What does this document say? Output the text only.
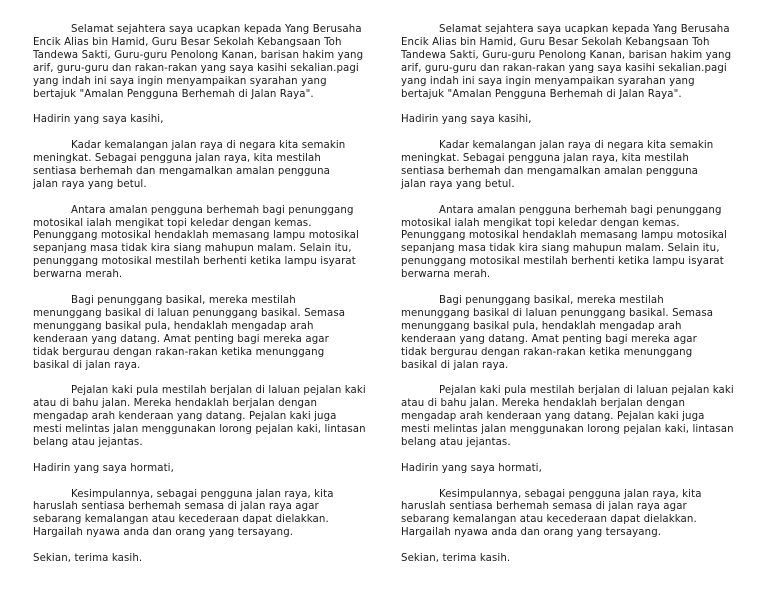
Selamat sejahtera saya ucapkan kepada Yang Berusaha
Encik Alias bin Hamid, Guru Besar Sekolah Kebangsaan Toh
Tandewa Sakti, Guru-guru Penolong Kanan, barisan hakim yang
arif, guru-guru dan rakan-rakan yang saya kasihi sekalian.pagi
yang indah ini saya ingin menyampaikan syarahan yang
bertajuk "Amalan Pengguna Berhemah di Jalan Raya".

Hadirin yang saya kasihi,

Kadar kemalangan jalan raya di negara kita semakin
meningkat. Sebagai pengguna jalan raya, kita mestilah
sentiasa berhemah dan mengamalkan amalan pengguna
jalan raya yang betul.

Antara amalan pengguna berhemah bagi penunggang
motosikal ialah mengikat topi keledar dengan kemas.
Penunggang motosikal hendaklah memasang lampu motosikal
sepanjang masa tidak kira siang mahupun malam. Selain itu,
penunggang motosikal mestilah berhenti ketika lampu isyarat
berwarna merah.

Bagi penunggang basikal, mereka mestilah
menunggang basikal di laluan penunggang basikal. Semasa
menunggang basikal pula, hendaklah mengadap arah
kenderaan yang datang. Amat penting bagi mereka agar
tidak bergurau dengan rakan-rakan ketika menunggang
basikal di jalan raya.

Pejalan kaki pula mestilah berjalan di laluan pejalan kaki
atau di bahu jalan. Mereka hendaklah berjalan dengan
mengadap arah kenderaan yang datang. Pejalan kaki juga
mesti melintas jalan menggunakan lorong pejalan kaki, lintasan
belang atau jejantas.

Hadirin yang saya hormati,

Kesimpulannya, sebagai pengguna jalan raya, kita
haruslah sentiasa berhemah semasa di jalan raya agar
sebarang kemalangan atau kecederaan dapat dielakkan.
Hargailah nyawa anda dan orang yang tersayang.

Sekian, terima kasih.

Selamat sejahtera saya ucapkan kepada Yang Berusaha
Encik Alias bin Hamid, Guru Besar Sekolah Kebangsaan Toh
Tandewa Sakti, Guru-guru Penolong Kanan, barisan hakim yang
arif, guru-guru dan rakan-rakan yang saya kasihi sekalian.pagi
yang indah ini saya ingin menyampaikan syarahan yang
bertajuk "Amalan Pengguna Berhemah di Jalan Raya".

Hadirin yang saya kasihi,

Kadar kemalangan jalan raya di negara kita semakin
meningkat. Sebagai pengguna jalan raya, kita mestilah
sentiasa berhemah dan mengamalkan amalan pengguna
jalan raya yang betul.

Antara amalan pengguna berhemah bagi penunggang
motosikal ialah mengikat topi keledar dengan kemas.
Penunggang motosikal hendaklah memasang lampu motosikal
sepanjang masa tidak kira siang mahupun malam. Selain itu,
penunggang motosikal mestilah berhenti ketika lampu isyarat
berwarna merah.

Bagi penunggang basikal, mereka mestilah
menunggang basikal di laluan penunggang basikal. Semasa
menunggang basikal pula, hendaklah mengadap arah
kenderaan yang datang. Amat penting bagi mereka agar
tidak bergurau dengan rakan-rakan ketika menunggang
basikal di jalan raya.

Pejalan kaki pula mestilah berjalan di laluan pejalan kaki
atau di bahu jalan. Mereka hendaklah berjalan dengan
mengadap arah kenderaan yang datang. Pejalan kaki juga
mesti melintas jalan menggunakan lorong pejalan kaki, lintasan
belang atau jejantas.

Hadirin yang saya hormati,

Kesimpulannya, sebagai pengguna jalan raya, kita
haruslah sentiasa berhemah semasa di jalan raya agar
sebarang kemalangan atau kecederaan dapat dielakkan.
Hargailah nyawa anda dan orang yang tersayang.

Sekian, terima kasih.
